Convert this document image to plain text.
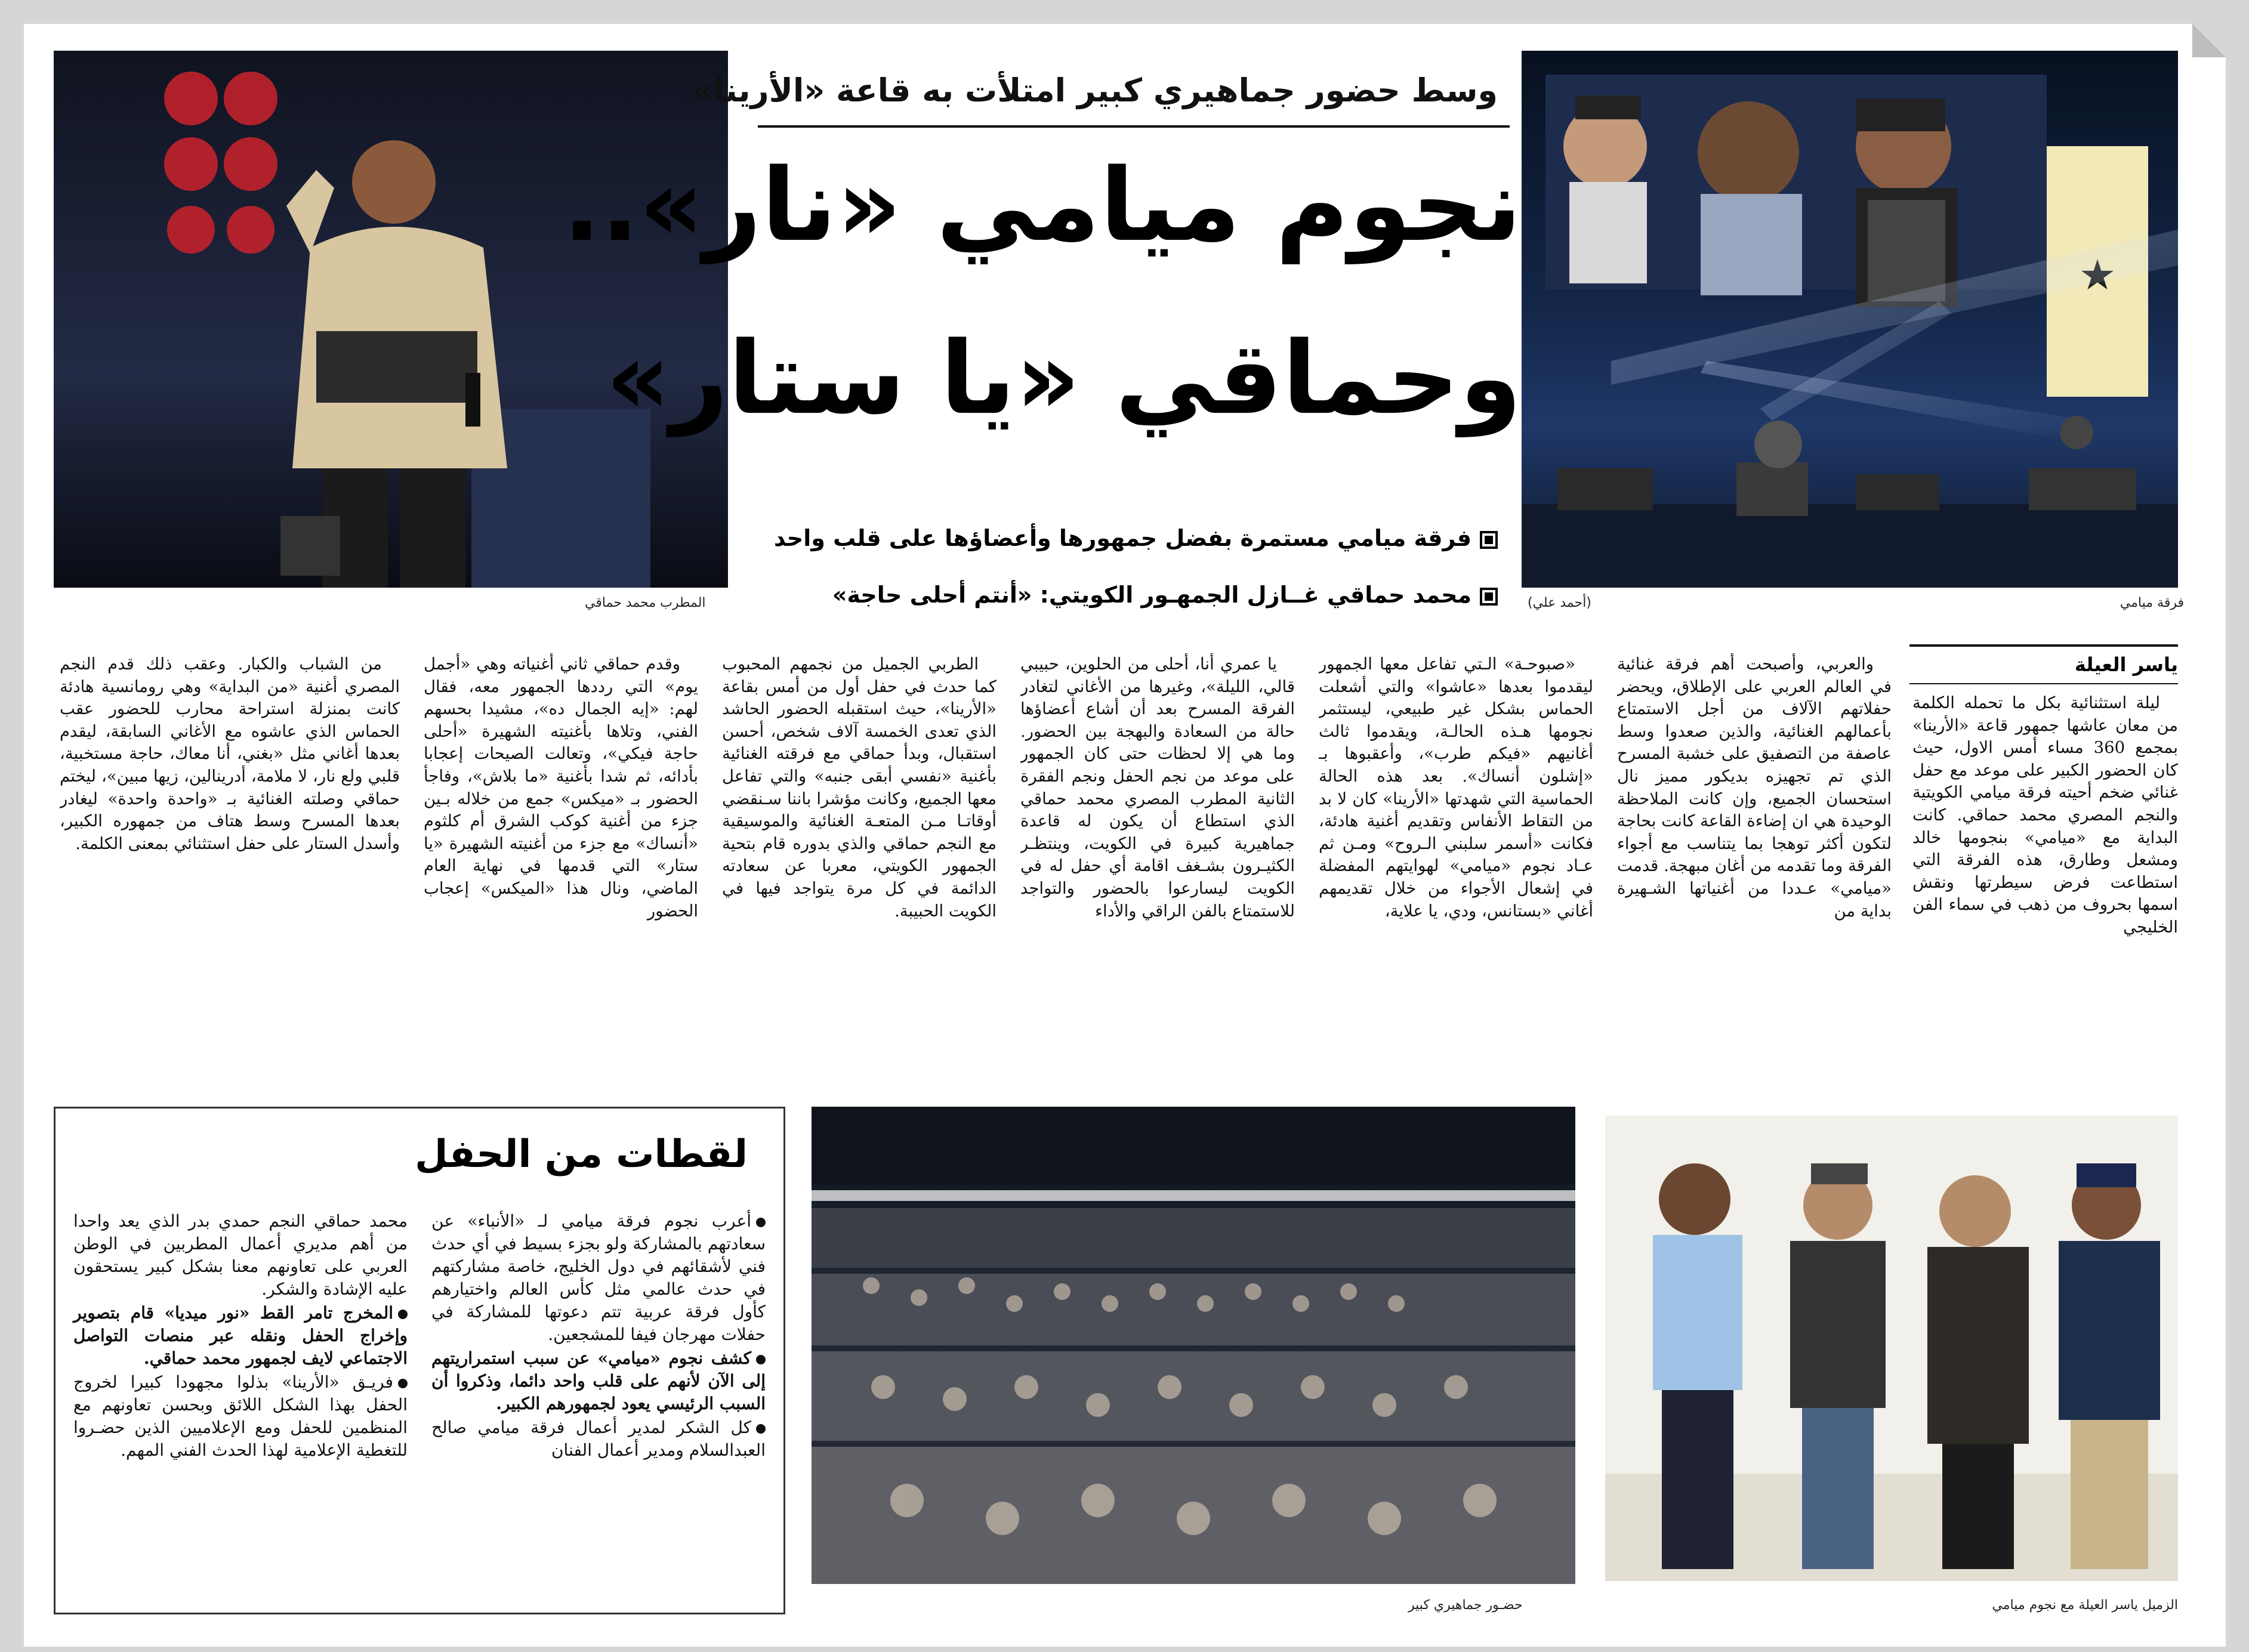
فرقة ميامي
(أحمد علي)
المطرب محمد حماقي
وسط حضور جماهيري كبير امتلأت به قاعة «الأرينا»
نجوم ميامي «نار»..
وحماقي «يا ستار»
فرقة ميامي مستمرة بفضل جمهورها وأعضاؤها على قلب واحد
محمد حماقي غــازل الجمهـور الكويتي: «أنتم أحلى حاجة»
ياسر العيلة

ليلة استثنائية بكل ما تحمله الكلمة من معان عاشها جمهور قاعة «الأرينا» بمجمع 360 مساء أمس الاول، حيث كان الحضور الكبير على موعد مع حفل غنائي ضخم أحيته فرقة ميامي الكويتية والنجم المصري محمد حماقي. كانت البداية مع «ميامي» بنجومها خالد ومشعل وطارق، هذه الفرقة التي استطاعت فرض سيطرتها ونقش اسمها بحروف من ذهب في سماء الفن الخليجي

والعربي، وأصبحت أهم فرقة غنائية في العالم العربي على الإطلاق، ويحضر حفلاتهم الآلاف من أجل الاستمتاع بأعمالهم الغنائية، والذين صعدوا وسط عاصفة من التصفيق على خشبة المسرح الذي تم تجهيزه بديكور مميز نال استحسان الجميع، وإن كانت الملاحظة الوحيدة هي ان إضاءة القاعة كانت بحاجة لتكون أكثر توهجا بما يتناسب مع أجواء الفرقة وما تقدمه من أغان مبهجة. قدمت «ميامي» عـددا من أغنياتها الشـهيرة بداية من

«صبوحـة» الـتي تفاعل معها الجمهور ليقدموا بعدها «عاشوا» والتي أشعلت الحماس بشكل غير طبيعي، ليستثمر نجومها هـذه الحالـة، ويقدموا ثالث أغانيهم «فيكم طرب»، وأعقبوها بـ «إشلون أنساك». بعد هذه الحالة الحماسية التي شهدتها «الأرينا» كان لا بد من التقاط الأنفاس وتقديم أغنية هادئة، فكانت «أسمر سلبني الـروح» ومـن ثم عـاد نجوم «ميامي» لهوايتهم المفضلة في إشعال الأجواء من خلال تقديمهم أغاني «بستانس، ودي، يا علاية،

يا عمري أنا، أحلى من الحلوين، حبيبي قالي، الليلة»، وغيرها من الأغاني لتغادر الفرقة المسرح بعد أن أشاع أعضاؤها حالة من السعادة والبهجة بين الحضور. وما هي إلا لحظات حتى كان الجمهور على موعد من نجم الحفل ونجم الفقرة الثانية المطرب المصري محمد حماقي الذي استطاع أن يكون له قاعدة جماهيرية كبيرة في الكويت، وينتظـر الكثيـرون بشـغف اقامة أي حفل له في الكويت ليسارعوا بالحضور والتواجد للاستمتاع بالفن الراقي والأداء

الطربي الجميل من نجمهم المحبوب كما حدث في حفل أول من أمس بقاعة «الأرينا»، حيث استقبله الحضور الحاشد الذي تعدى الخمسة آلاف شخص، أحسن استقبال، وبدأ حماقي مع فرقته الغنائية بأغنية «نفسي أبقى جنبه» والتي تفاعل معها الجميع، وكانت مؤشرا باننا سـنقضي أوقاتـا مـن المتعـة الغنائية والموسيقية مع النجم حماقي والذي بدوره قام بتحية الجمهور الكويتي، معربا عن سعادته الدائمة في كل مرة يتواجد فيها في الكويت الحبيبة.

وقدم حماقي ثاني أغنياته وهي «أجمل يوم» التي رددها الجمهور معه، فقال لهم: «إيه الجمال ده»، مشيدا بحسهم الفني، وتلاها بأغنيته الشهيرة «أحلى حاجة فيكي»، وتعالت الصيحات إعجابا بأدائه، ثم شدا بأغنية «ما بلاش»، وفاجأ الحضور بـ «ميكس» جمع من خلاله بـين جزء من أغنية كوكب الشرق أم كلثوم «أنساك» مع جزء من أغنيته الشهيرة «يا ستار» التي قدمها في نهاية العام الماضي، ونال هذا «الميكس» إعجاب الحضور

من الشباب والكبار. وعقب ذلك قدم النجم المصري أغنية «من البداية» وهي رومانسية هادئة كانت بمنزلة استراحة محارب للحضور عقب الحماس الذي عاشوه مع الأغاني السابقة، ليقدم بعدها أغاني مثل «بغني، أنا معاك، حاجة مستخبية، قلبي ولع نار، لا ملامة، أدرينالين، زيها مبين»، ليختم حماقي وصلته الغنائية بـ «واحدة واحدة» ليغادر بعدها المسرح وسط هتاف من جمهوره الكبير، وأسدل الستار على حفل استثنائي بمعنى الكلمة.

الزميل ياسر العيلة مع نجوم ميامي
حضـور جماهيري كبير
لقطات من الحفل

أعرب نجوم فرقة ميامي لـ «الأنباء» عن سعادتهم بالمشاركة ولو بجزء بسيط في أي حدث فني لأشقائهم في دول الخليج، خاصة مشاركتهم في حدث عالمي مثل كأس العالم واختيارهم كأول فرقة عربية تتم دعوتها للمشاركة في حفلات مهرجان فيفا للمشجعين.

كشف نجوم «ميامي» عن سبب استمراريتهم إلى الآن لأنهم على قلب واحد دائما، وذكروا أن السبب الرئيسي يعود لجمهورهم الكبير.

كل الشكر لمدير أعمال فرقة ميامي صالح العبدالسلام ومدير أعمال الفنان

محمد حماقي النجم حمدي بدر الذي يعد واحدا من أهم مديري أعمال المطربين في الوطن العربي على تعاونهم معنا بشكل كبير يستحقون عليه الإشادة والشكر.

المخرج تامر القط «نور ميديا» قام بتصوير وإخراج الحفل ونقله عبر منصات التواصل الاجتماعي لايف لجمهور محمد حماقي.

فريـق «الأرينا» بذلوا مجهودا كبيرا لخروج الحفل بهذا الشكل اللائق وبحسن تعاونهم مع المنظمين للحفل ومع الإعلاميين الذين حضـروا للتغطية الإعلامية لهذا الحدث الفني المهم.
